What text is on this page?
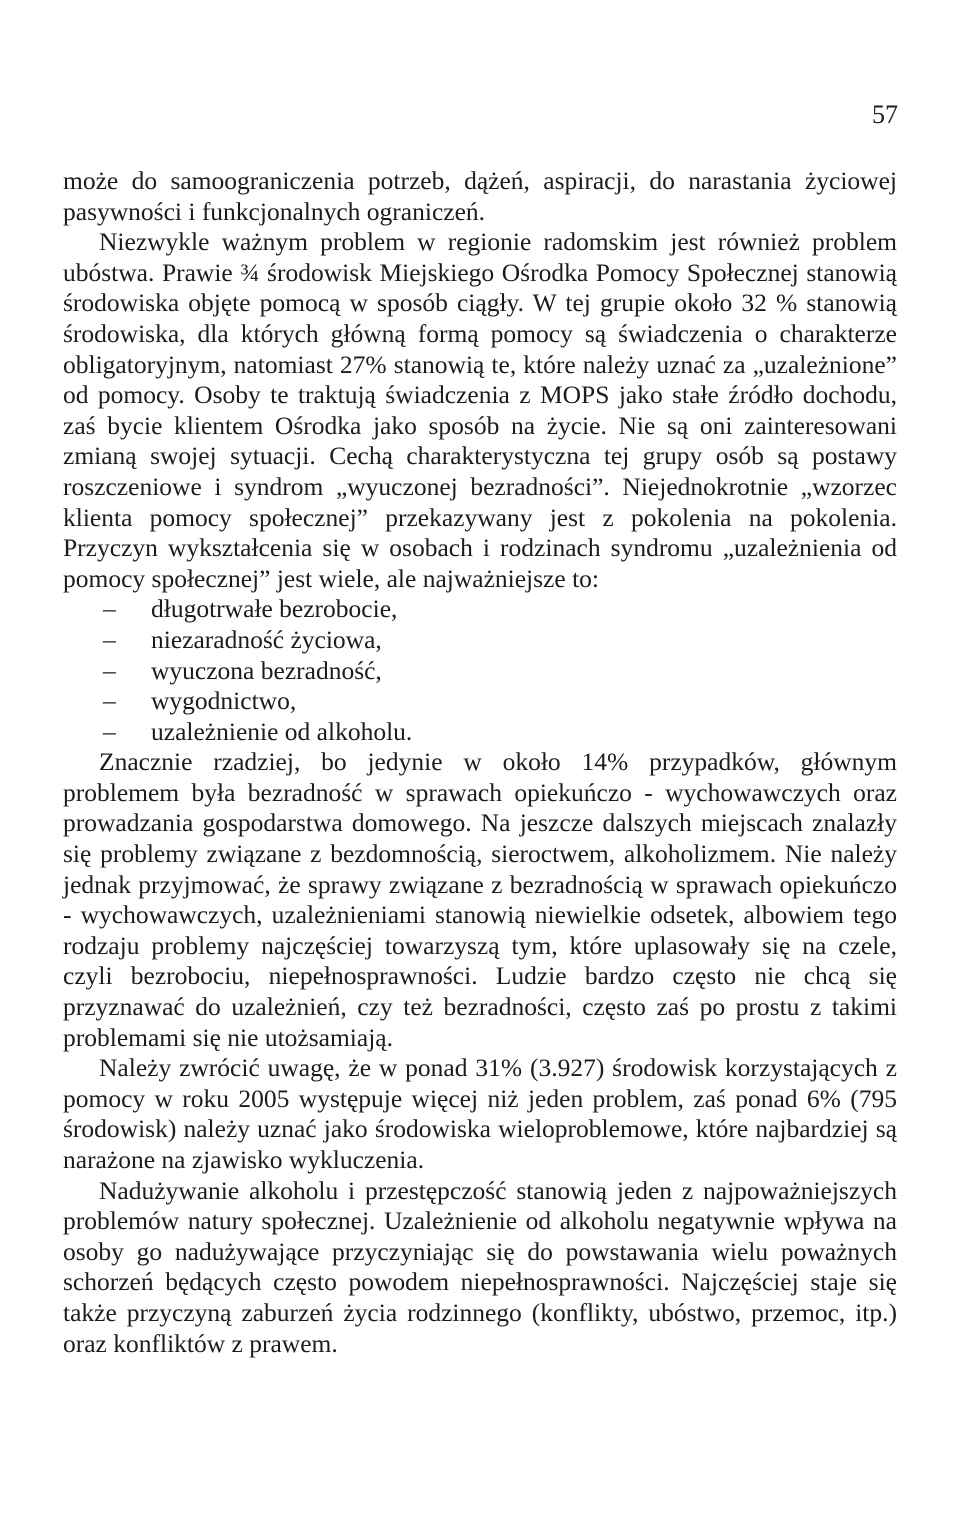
57

może do samoograniczenia potrzeb, dążeń, aspiracji, do narastania życiowej pasywności i funkcjonalnych ograniczeń.

Niezwykle ważnym problem w regionie radomskim jest również problem ubóstwa. Prawie ¾ środowisk Miejskiego Ośrodka Pomocy Społecznej stanowią środowiska objęte pomocą w sposób ciągły. W tej grupie około 32 % stanowią środowiska, dla których główną formą pomocy są świadczenia o charakterze obligatoryjnym, natomiast 27% stanowią te, które należy uznać za „uzależnione” od pomocy. Osoby te traktują świadczenia z MOPS jako stałe źródło dochodu, zaś bycie klientem Ośrodka jako sposób na życie. Nie są oni zainteresowani zmianą swojej sytuacji. Cechą charakterystyczna tej grupy osób są postawy roszczeniowe i syndrom „wyuczonej bezradności”. Niejednokrotnie „wzorzec klienta pomocy społecznej” przekazywany jest z pokolenia na pokolenia. Przyczyn wykształcenia się w osobach i rodzinach syndromu „uzależnienia od pomocy społecznej” jest wiele, ale najważniejsze to:

– długotrwałe bezrobocie,
– niezaradność życiowa,
– wyuczona bezradność,
– wygodnictwo,
– uzależnienie od alkoholu.

Znacznie rzadziej, bo jedynie w około 14% przypadków, głównym problemem była bezradność w sprawach opiekuńczo - wychowawczych oraz prowadzania gospodarstwa domowego. Na jeszcze dalszych miejscach znalazły się problemy związane z bezdomnością, sieroctwem, alkoholizmem. Nie należy jednak przyjmować, że sprawy związane z bezradnością w sprawach opiekuńczo - wychowawczych, uzależnieniami stanowią niewielkie odsetek, albowiem tego rodzaju problemy najczęściej towarzyszą tym, które uplasowały się na czele, czyli bezrobociu, niepełnosprawności. Ludzie bardzo często nie chcą się przyznawać do uzależnień, czy też bezradności, często zaś po prostu z takimi problemami się nie utożsamiają.

Należy zwrócić uwagę, że w ponad 31% (3.927) środowisk korzystających z pomocy w roku 2005 występuje więcej niż jeden problem, zaś ponad 6% (795 środowisk) należy uznać jako środowiska wieloproblemowe, które najbardziej są narażone na zjawisko wykluczenia.

Nadużywanie alkoholu i przestępczość stanowią jeden z najpoważniejszych problemów natury społecznej. Uzależnienie od alkoholu negatywnie wpływa na osoby go nadużywające przyczyniając się do powstawania wielu poważnych schorzeń będących często powodem niepełnosprawności. Najczęściej staje się także przyczyną zaburzeń życia rodzinnego (konflikty, ubóstwo, przemoc, itp.) oraz konfliktów z prawem.
